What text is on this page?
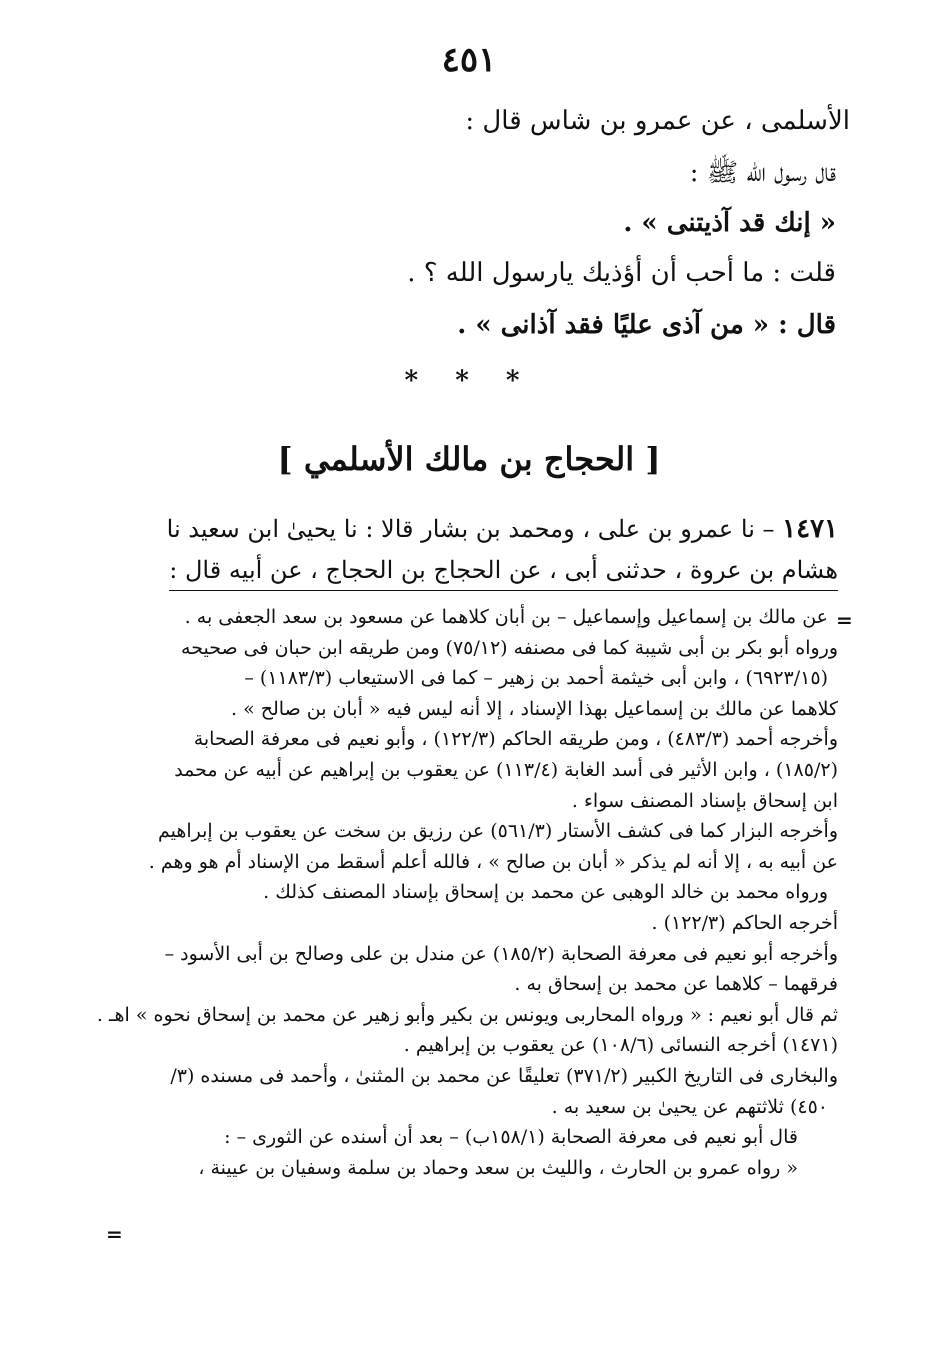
٤٥١
الأسلمى ، عن عمرو بن شاس قال :
قال رسول الله ﷺ :
« إنك قد آذيتنى » .
قلت : ما أحب أن أؤذيك يارسول الله ؟ .
قال : « من آذى عليًا فقد آذانى » .
* * *
[ الحجاج بن مالك الأسلمي ]
١٤٧١ – نا عمرو بن على ، ومحمد بن بشار قالا : نا يحيىٰ ابن سعيد نا
هشام بن عروة ، حدثنى أبى ، عن الحجاج بن الحجاج ، عن أبيه قال :
=
عن مالك بن إسماعيل وإسماعيل – بن أبان كلاهما عن مسعود بن سعد الجعفى به .
ورواه أبو بكر بن أبى شيبة كما فى مصنفه (٧٥/١٢) ومن طريقه ابن حبان فى صحيحه
(٦٩٢٣/١٥) ، وابن أبى خيثمة أحمد بن زهير – كما فى الاستيعاب (١١٨٣/٣) –
كلاهما عن مالك بن إسماعيل بهذا الإسناد ، إلا أنه ليس فيه « أبان بن صالح » .
وأخرجه أحمد (٤٨٣/٣) ، ومن طريقه الحاكم (١٢٢/٣) ، وأبو نعيم فى معرفة الصحابة
(١٨٥/٢) ، وابن الأثير فى أسد الغابة (١١٣/٤) عن يعقوب بن إبراهيم عن أبيه عن محمد
ابن إسحاق بإسناد المصنف سواء .
وأخرجه البزار كما فى كشف الأستار (٥٦١/٣) عن رزيق بن سخت عن يعقوب بن إبراهيم
عن أبيه به ، إلا أنه لم يذكر « أبان بن صالح » ، فالله أعلم أسقط من الإسناد أم هو وهم .
ورواه محمد بن خالد الوهبى عن محمد بن إسحاق بإسناد المصنف كذلك .
أخرجه الحاكم (١٢٢/٣) .
وأخرجه أبو نعيم فى معرفة الصحابة (١٨٥/٢) عن مندل بن على وصالح بن أبى الأسود –
فرقهما – كلاهما عن محمد بن إسحاق به .
ثم قال أبو نعيم : « ورواه المحاربى ويونس بن بكير وأبو زهير عن محمد بن إسحاق نحوه » اهـ .
(١٤٧١) أخرجه النسائى (١٠٨/٦) عن يعقوب بن إبراهيم .
والبخارى فى التاريخ الكبير (٣٧١/٢) تعليقًا عن محمد بن المثنىٰ ، وأحمد فى مسنده (٣/
٤٥٠) ثلاثتهم عن يحيىٰ بن سعيد به .
قال أبو نعيم فى معرفة الصحابة (١٥٨/١ب) – بعد أن أسنده عن الثورى – :
« رواه عمرو بن الحارث ، والليث بن سعد وحماد بن سلمة وسفيان بن عيينة ،
=
